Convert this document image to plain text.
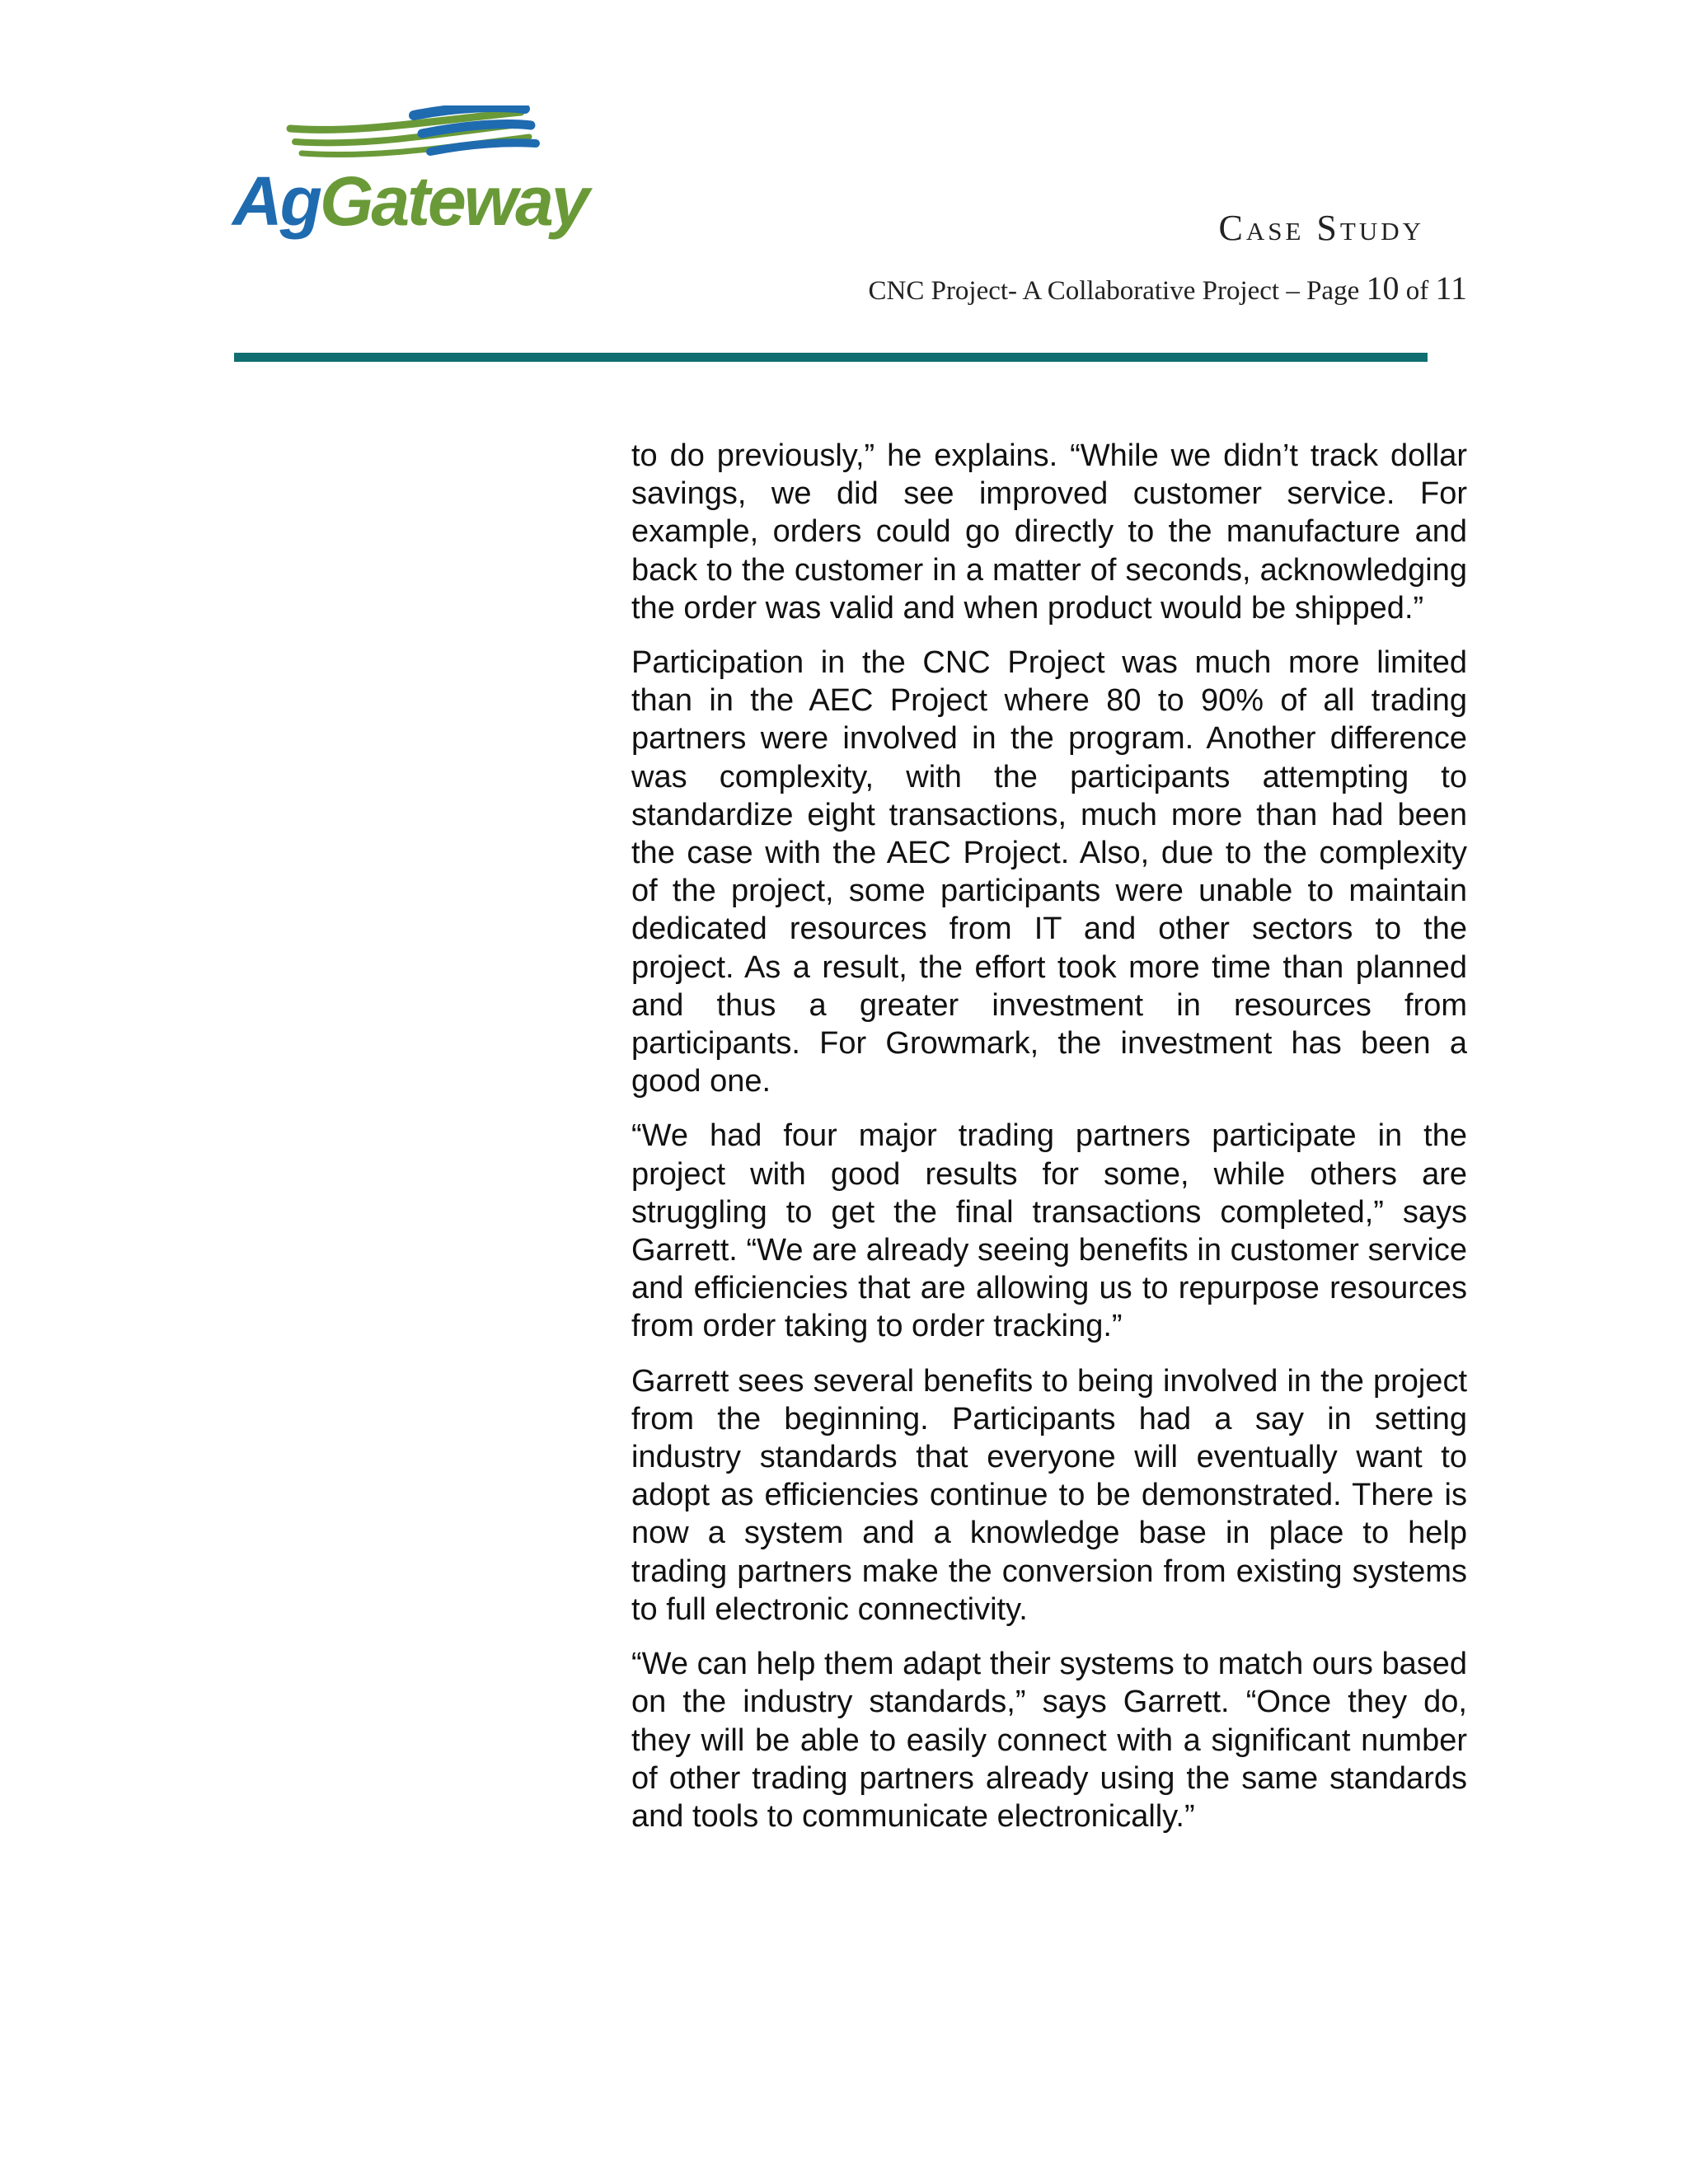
AgGateway	Case Study
CNC Project- A Collaborative Project – Page 10 of 11

to do previously,” he explains. “While we didn’t track dollar savings, we did see improved customer service. For example, orders could go directly to the manufacture and back to the customer in a matter of seconds, acknowledging the order was valid and when product would be shipped.”

Participation in the CNC Project was much more limited than in the AEC Project where 80 to 90% of all trading partners were involved in the program. Another difference was complexity, with the participants attempting to standardize eight transactions, much more than had been the case with the AEC Project. Also, due to the complexity of the project, some participants were unable to maintain dedicated resources from IT and other sectors to the project. As a result, the effort took more time than planned and thus a greater investment in resources from participants. For Growmark, the investment has been a good one.

“We had four major trading partners participate in the project with good results for some, while others are struggling to get the final transactions completed,” says Garrett. “We are already seeing benefits in customer service and efficiencies that are allowing us to repurpose resources from order taking to order tracking.”

Garrett sees several benefits to being involved in the project from the beginning. Participants had a say in setting industry standards that everyone will eventually want to adopt as efficiencies continue to be demonstrated. There is now a system and a knowledge base in place to help trading partners make the conversion from existing systems to full electronic connectivity.

“We can help them adapt their systems to match ours based on the industry standards,” says Garrett. “Once they do, they will be able to easily connect with a significant number of other trading partners already using the same standards and tools to communicate electronically.”
